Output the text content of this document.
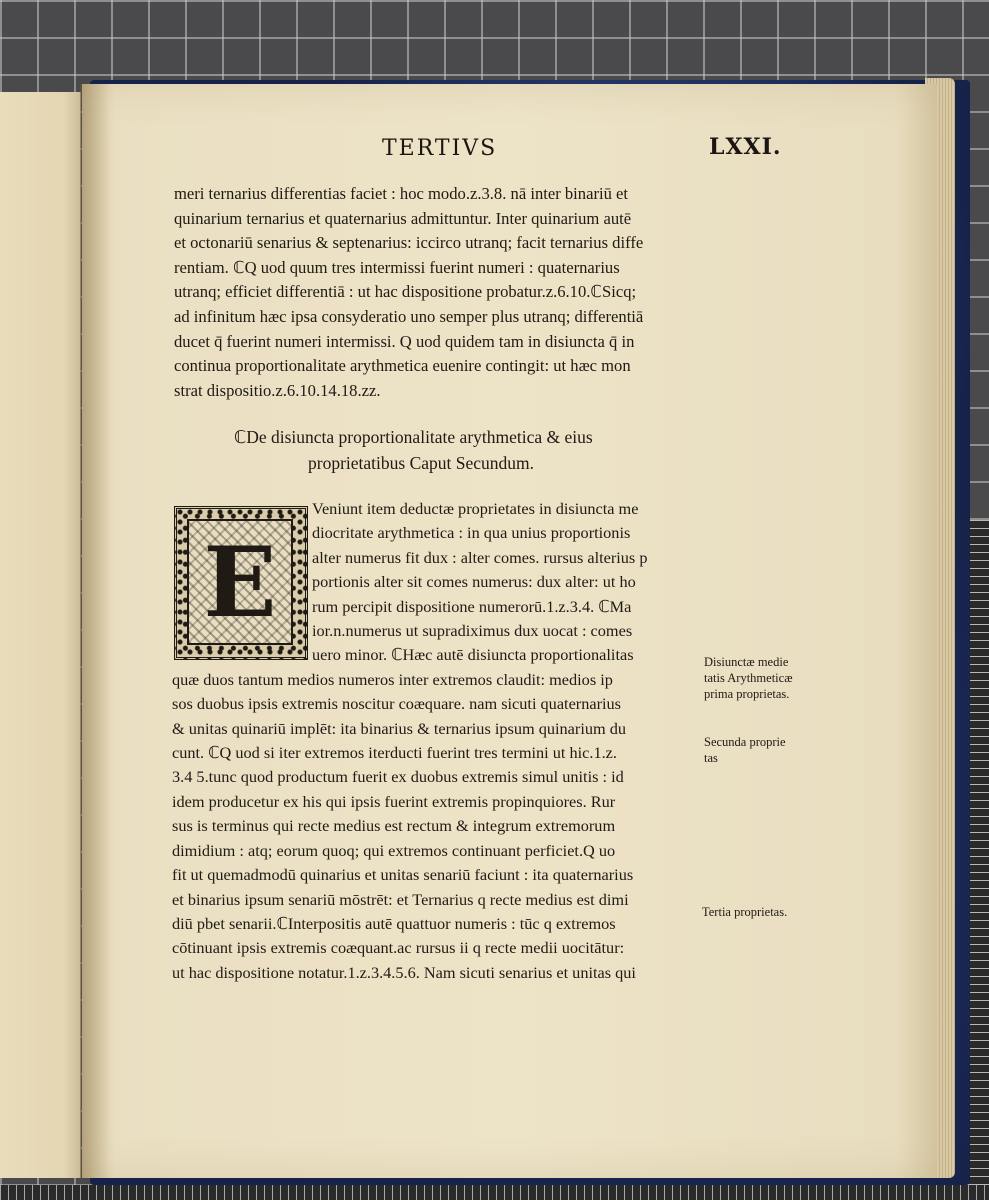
TERTIVS	LXXI.
meri ternarius differentias faciet : hoc modo.z.3.8. nā inter binariū et
quinarium ternarius et quaternarius admittuntur. Inter quinarium autē
et octonariū senarius & septenarius: iccirco utranq; facit ternarius diffe
rentiam. ℂQ uod quum tres intermissi fuerint numeri : quaternarius
utranq; efficiet differentiā : ut hac dispositione probatur.z.6.10.ℂSicq;
ad infinitum hæc ipsa consyderatio uno semper plus utranq; differentiā
ducet q̄ fuerint numeri intermissi. Q uod quidem tam in disiuncta q̄ in
continua proportionalitate arythmetica euenire contingit: ut hæc mon
strat dispositio.z.6.10.14.18.zz.
ℂDe disiuncta proportionalitate arythmetica & eius
proprietatibus Caput Secundum.
E
Veniunt item deductæ proprietates in disiuncta me
diocritate arythmetica : in qua unius proportionis
alter numerus fit dux : alter comes. rursus alterius p
portionis alter sit comes numerus: dux alter: ut ho
rum percipit dispositione numerorū.1.z.3.4. ℂMa
ior.n.numerus ut supradiximus dux uocat : comes
uero minor. ℂHæc autē disiuncta proportionalitas
quæ duos tantum medios numeros inter extremos claudit: medios ip
sos duobus ipsis extremis noscitur coæquare. nam sicuti quaternarius
& unitas quinariū implēt: ita binarius & ternarius ipsum quinarium du
cunt. ℂQ uod si iter extremos iterducti fuerint tres termini ut hic.1.z.
3.4 5.tunc quod productum fuerit ex duobus extremis simul unitis : id
idem producetur ex his qui ipsis fuerint extremis propinquiores. Rur
sus is terminus qui recte medius est rectum & integrum extremorum
dimidium : atq; eorum quoq; qui extremos continuant perficiet.Q uo
fit ut quemadmodū quinarius et unitas senariū faciunt : ita quaternarius
et binarius ipsum senariū mōstrēt: et Ternarius q recte medius est dimi
diū pbet senarii.ℂInterpositis autē quattuor numeris : tūc q extremos
cōtinuant ipsis extremis coæquant.ac rursus ii q recte medii uocitātur:
ut hac dispositione notatur.1.z.3.4.5.6. Nam sicuti senarius et unitas qui
Disiunctæ medie
tatis Arythmeticæ
prima proprietas.
Secunda proprie
tas
Tertia proprietas.
